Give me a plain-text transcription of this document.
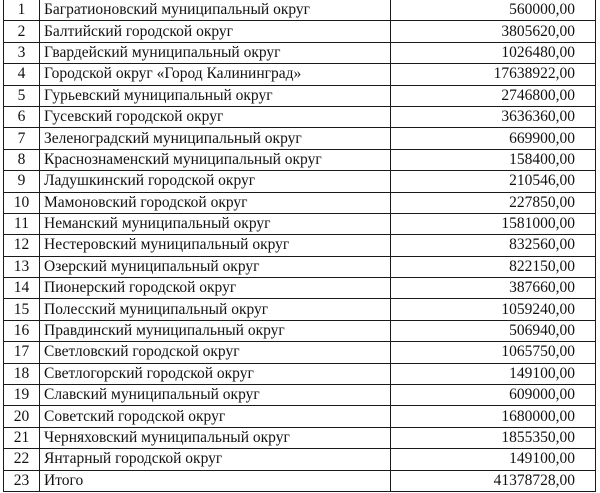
1	Багратионовский муниципальный округ	560000,00
2	Балтийский городской округ	3805620,00
3	Гвардейский муниципальный округ	1026480,00
4	Городской округ «Город Калининград»	17638922,00
5	Гурьевский муниципальный округ	2746800,00
6	Гусевский городской округ	3636360,00
7	Зеленоградский муниципальный округ	669900,00
8	Краснознаменский муниципальный округ	158400,00
9	Ладушкинский городской округ	210546,00
10	Мамоновский городской округ	227850,00
11	Неманский муниципальный округ	1581000,00
12	Нестеровский муниципальный округ	832560,00
13	Озерский муниципальный округ	822150,00
14	Пионерский городской округ	387660,00
15	Полесский муниципальный округ	1059240,00
16	Правдинский муниципальный округ	506940,00
17	Светловский городской округ	1065750,00
18	Светлогорский городской округ	149100,00
19	Славский муниципальный округ	609000,00
20	Советский городской округ	1680000,00
21	Черняховский муниципальный округ	1855350,00
22	Янтарный городской округ	149100,00
23	Итого	41378728,00
